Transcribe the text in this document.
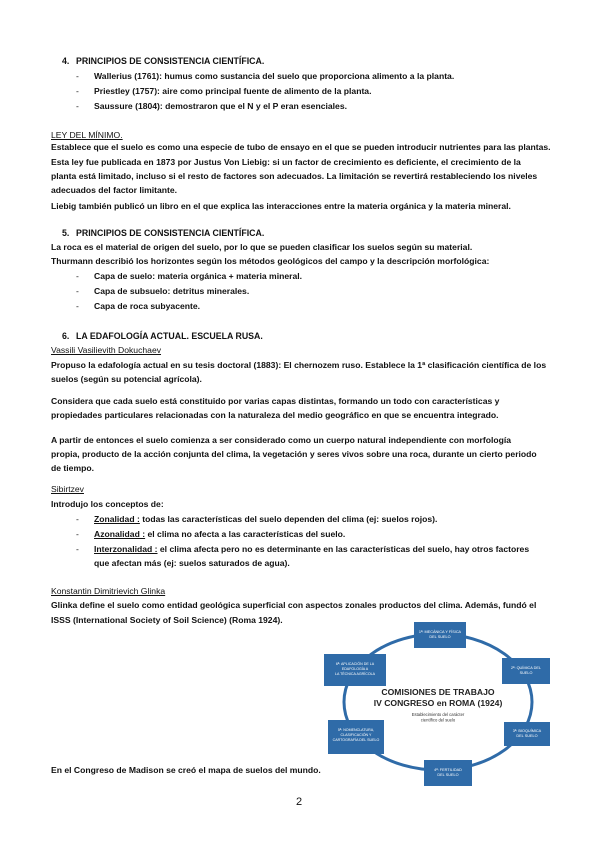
4. PRINCIPIOS DE CONSISTENCIA CIENTÍFICA.
- Wallerius (1761): humus como sustancia del suelo que proporciona alimento a la planta.
- Priestley (1757): aire como principal fuente de alimento de la planta.
- Saussure (1804): demostraron que el N y el P eran esenciales.
LEY DEL MÍNIMO.
Establece que el suelo es como una especie de tubo de ensayo en el que se pueden introducir nutrientes para las plantas.
Esta ley fue publicada en 1873 por Justus Von Liebig: si un factor de crecimiento es deficiente, el crecimiento de la
planta está limitado, incluso si el resto de factores son adecuados. La limitación se revertirá restableciendo los niveles
adecuados del factor limitante.
Liebig también publicó un libro en el que explica las interacciones entre la materia orgánica y la materia mineral.
5. PRINCIPIOS DE CONSISTENCIA CIENTÍFICA.
La roca es el material de origen del suelo, por lo que se pueden clasificar los suelos según su material.
Thurmann describió los horizontes según los métodos geológicos del campo y la descripción morfológica:
- Capa de suelo: materia orgánica + materia mineral.
- Capa de subsuelo: detritus minerales.
- Capa de roca subyacente.
6. LA EDAFOLOGÍA ACTUAL. ESCUELA RUSA.
Vassili Vasilievith Dokuchaev
Propuso la edafología actual en su tesis doctoral (1883): El chernozem ruso. Establece la 1ª clasificación científica de los
suelos (según su potencial agrícola).
Considera que cada suelo está constituido por varias capas distintas, formando un todo con características y
propiedades particulares relacionadas con la naturaleza del medio geográfico en que se encuentra integrado.
A partir de entonces el suelo comienza a ser considerado como un cuerpo natural independiente con morfología
propia, producto de la acción conjunta del clima, la vegetación y seres vivos sobre una roca, durante un cierto periodo
de tiempo.
Sibirtzev
Introdujo los conceptos de:
- Zonalidad : todas las características del suelo dependen del clima (ej: suelos rojos).
- Azonalidad : el clima no afecta a las características del suelo.
- Interzonalidad : el clima afecta pero no es determinante en las características del suelo, hay otros factores
que afectan más (ej: suelos saturados de agua).
Konstantin Dimitrievich Glinka
Glinka define el suelo como entidad geológica superficial con aspectos zonales productos del clima. Además, fundó el
ISSS (International Society of Soil Science) (Roma 1924).
COMISIONES DE TRABAJO
IV CONGRESO en ROMA (1924)
Establecimiento del carácter
científico del suelo
1ª: MECÁNICA Y FÍSICA
DEL SUELO
2ª: QUÍMICA DEL
SUELO
3ª: BIOQUÍMICA
DEL SUELO
4ª: FERTILIDAD
DEL SUELO
5ª: NOMENCLATURA,
CLASIFICACIÓN Y
CARTOGRAFÍA DEL SUELO
6ª: APLICACIÓN DE LA
EDAFOLOGÍA A
LA TÉCNICA AGRÍCOLA
En el Congreso de Madison se creó el mapa de suelos del mundo.
2
